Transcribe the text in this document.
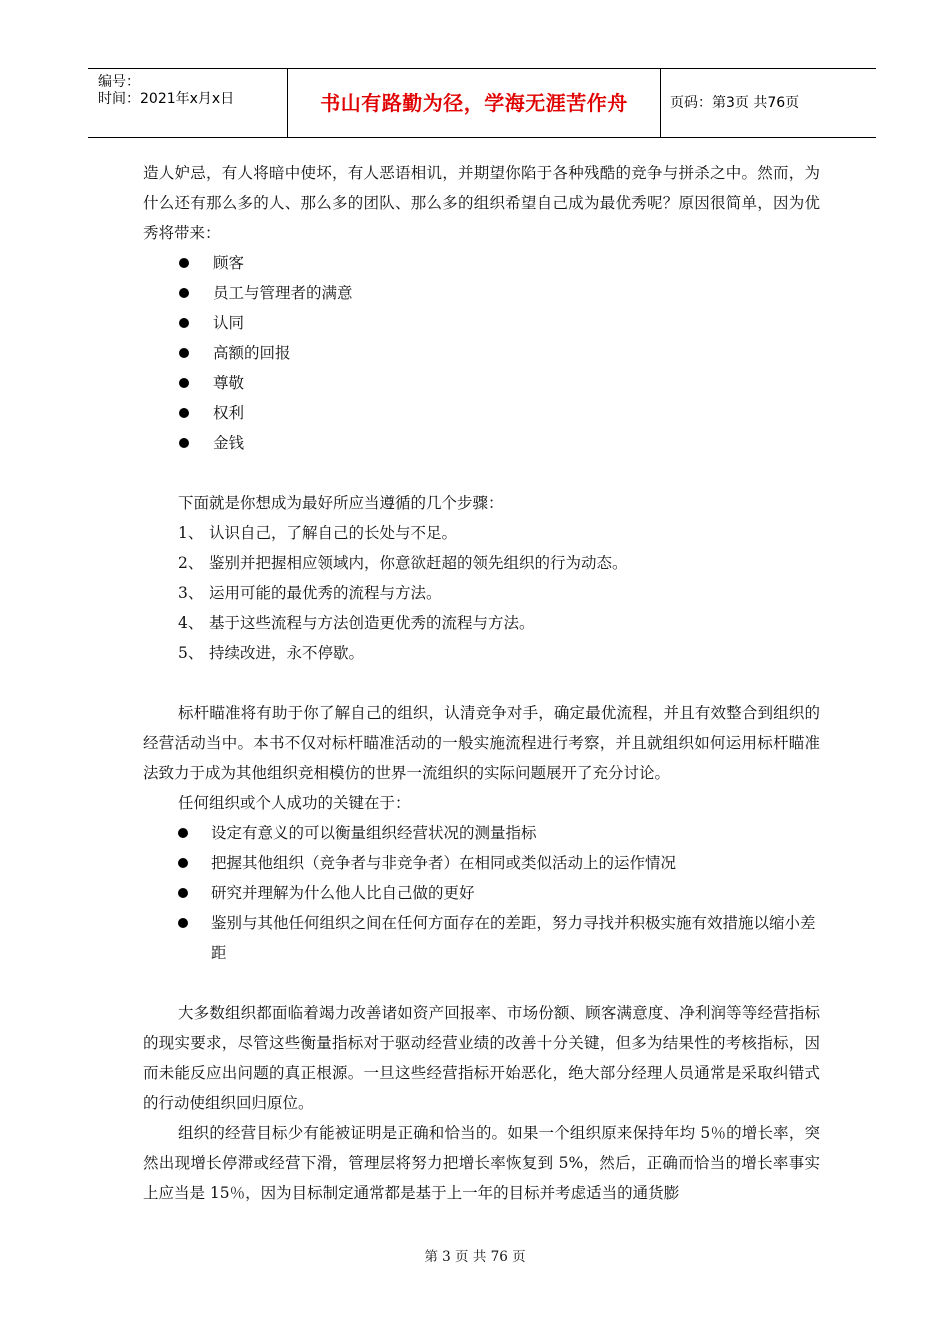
编号：
时间：2021年x月x日	书山有路勤为径，学海无涯苦作舟	页码：第3页 共76页

造人妒忌，有人将暗中使坏，有人恶语相讥，并期望你陷于各种残酷的竞争与拼杀之中。然而，为什么还有那么多的人、那么多的团队、那么多的组织希望自己成为最优秀呢？原因很简单，因为优秀将带来：

顾客
员工与管理者的满意
认同
高额的回报
尊敬
权利
金钱

下面就是你想成为最好所应当遵循的几个步骤：

1、 认识自己，了解自己的长处与不足。
2、 鉴别并把握相应领域内，你意欲赶超的领先组织的行为动态。
3、 运用可能的最优秀的流程与方法。
4、 基于这些流程与方法创造更优秀的流程与方法。
5、 持续改进，永不停歇。

标杆瞄准将有助于你了解自己的组织，认清竞争对手，确定最优流程，并且有效整合到组织的经营活动当中。本书不仅对标杆瞄准活动的一般实施流程进行考察，并且就组织如何运用标杆瞄准法致力于成为其他组织竞相模仿的世界一流组织的实际问题展开了充分讨论。

任何组织或个人成功的关键在于：

设定有意义的可以衡量组织经营状况的测量指标
把握其他组织（竞争者与非竞争者）在相同或类似活动上的运作情况
研究并理解为什么他人比自己做的更好
鉴别与其他任何组织之间在任何方面存在的差距，努力寻找并积极实施有效措施以缩小差距

大多数组织都面临着竭力改善诸如资产回报率、市场份额、顾客满意度、净利润等等经营指标的现实要求，尽管这些衡量指标对于驱动经营业绩的改善十分关键，但多为结果性的考核指标，因而未能反应出问题的真正根源。一旦这些经营指标开始恶化，绝大部分经理人员通常是采取纠错式的行动使组织回归原位。

组织的经营目标少有能被证明是正确和恰当的。如果一个组织原来保持年均 5％的增长率，突然出现增长停滞或经营下滑，管理层将努力把增长率恢复到 5%，然后，正确而恰当的增长率事实上应当是 15％，因为目标制定通常都是基于上一年的目标并考虑适当的通货膨

第 3 页 共 76 页
